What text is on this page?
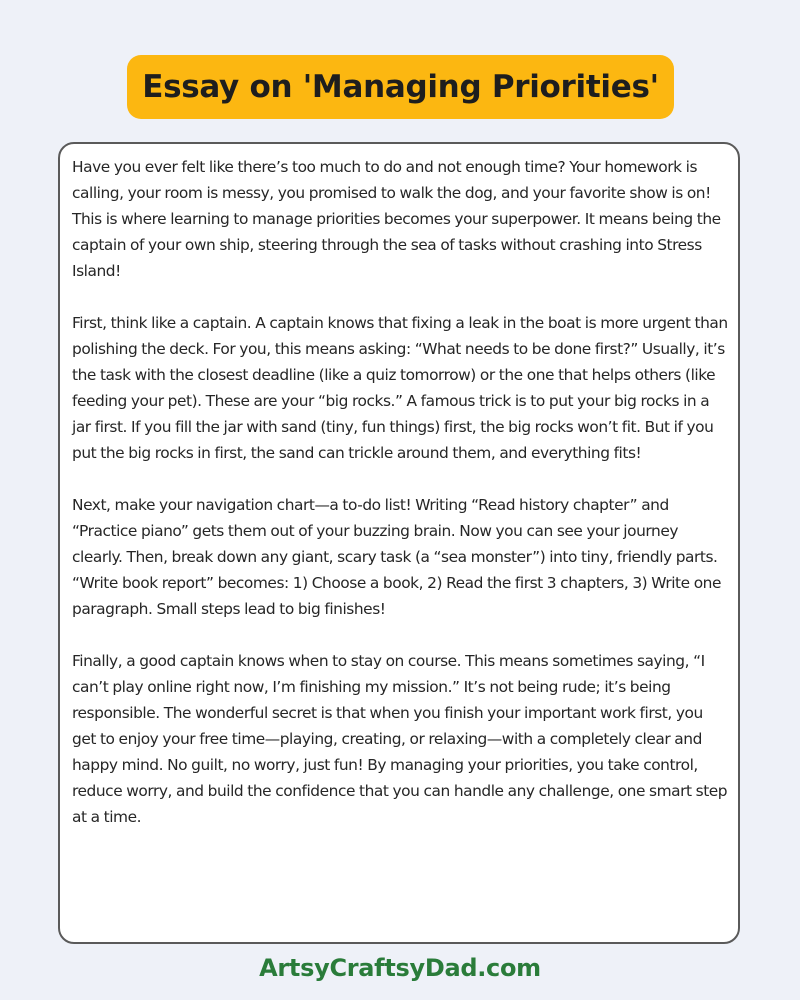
Essay on 'Managing Priorities'

Have you ever felt like there’s too much to do and not enough time? Your homework is calling, your room is messy, you promised to walk the dog, and your favorite show is on! This is where learning to manage priorities becomes your superpower. It means being the captain of your own ship, steering through the sea of tasks without crashing into Stress Island!

First, think like a captain. A captain knows that fixing a leak in the boat is more urgent than polishing the deck. For you, this means asking: “What needs to be done first?” Usually, it’s the task with the closest deadline (like a quiz tomorrow) or the one that helps others (like feeding your pet). These are your “big rocks.” A famous trick is to put your big rocks in a jar first. If you fill the jar with sand (tiny, fun things) first, the big rocks won’t fit. But if you put the big rocks in first, the sand can trickle around them, and everything fits!

Next, make your navigation chart—a to-do list! Writing “Read history chapter” and “Practice piano” gets them out of your buzzing brain. Now you can see your journey clearly. Then, break down any giant, scary task (a “sea monster”) into tiny, friendly parts. “Write book report” becomes: 1) Choose a book, 2) Read the first 3 chapters, 3) Write one paragraph. Small steps lead to big finishes!

Finally, a good captain knows when to stay on course. This means sometimes saying, “I can’t play online right now, I’m finishing my mission.” It’s not being rude; it’s being responsible. The wonderful secret is that when you finish your important work first, you get to enjoy your free time—playing, creating, or relaxing—with a completely clear and happy mind. No guilt, no worry, just fun! By managing your priorities, you take control, reduce worry, and build the confidence that you can handle any challenge, one smart step at a time.

ArtsyCraftsyDad.com
